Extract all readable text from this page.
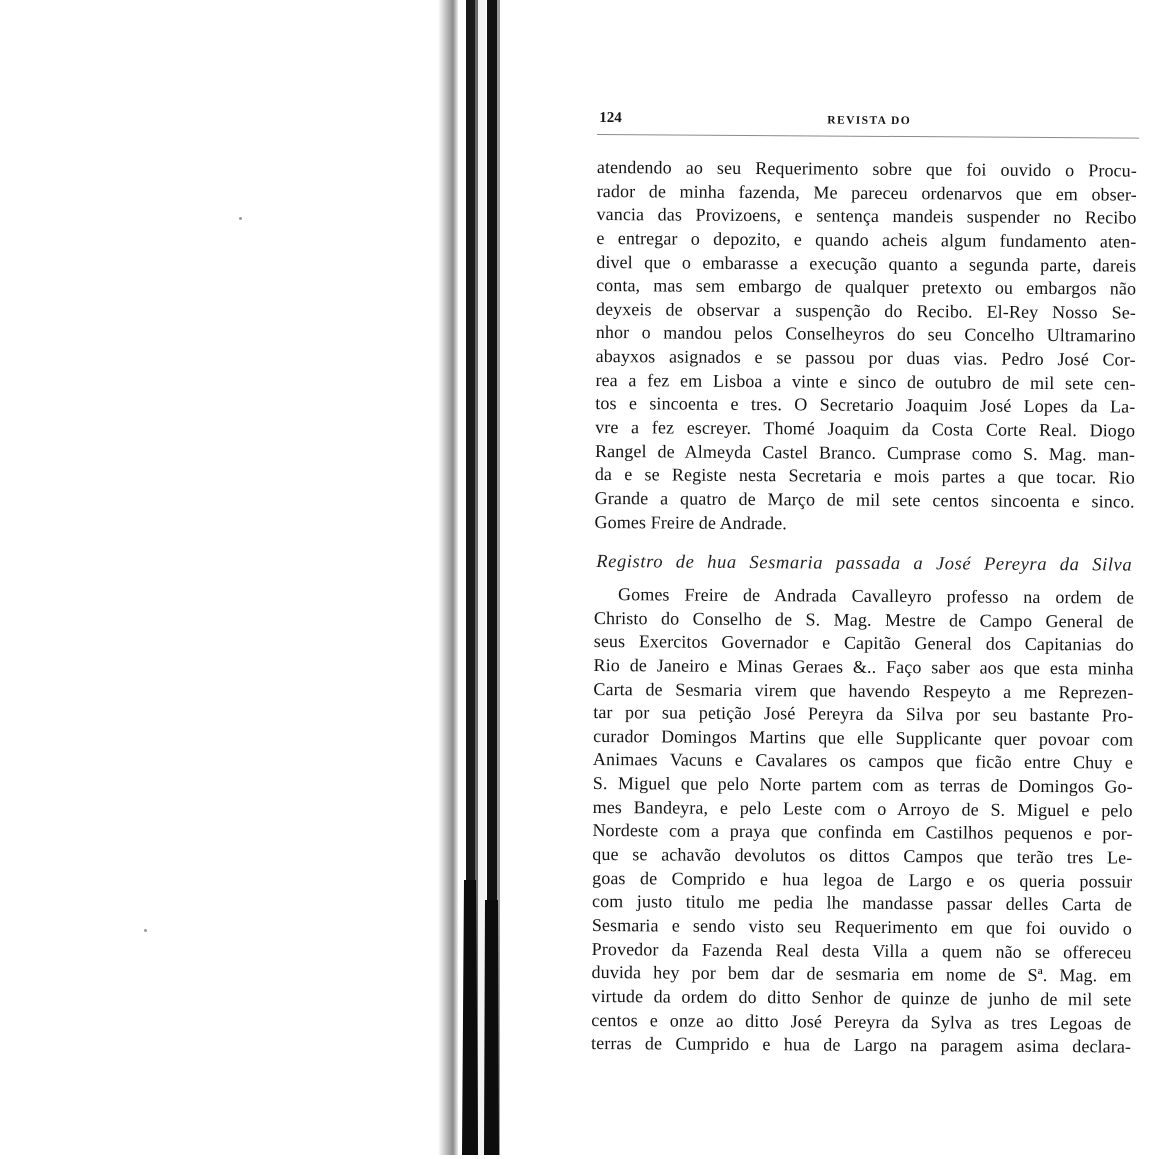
124	REVISTA DO
atendendo ao seu Requerimento sobre que foi ouvido o Procu-
rador de minha fazenda, Me pareceu ordenarvos que em obser-
vancia das Provizoens, e sentença mandeis suspender no Recibo
e entregar o depozito, e quando acheis algum fundamento aten-
divel que o embarasse a execução quanto a segunda parte, dareis
conta, mas sem embargo de qualquer pretexto ou embargos não
deyxeis de observar a suspenção do Recibo. El-Rey Nosso Se-
nhor o mandou pelos Conselheyros do seu Concelho Ultramarino
abayxos asignados e se passou por duas vias. Pedro José Cor-
rea a fez em Lisboa a vinte e sinco de outubro de mil sete cen-
tos e sincoenta e tres. O Secretario Joaquim José Lopes da La-
vre a fez escreyer. Thomé Joaquim da Costa Corte Real. Diogo
Rangel de Almeyda Castel Branco. Cumprase como S. Mag. man-
da e se Registe nesta Secretaria e mois partes a que tocar. Rio
Grande a quatro de Março de mil sete centos sincoenta e sinco.
Gomes Freire de Andrade.
Registro de hua Sesmaria passada a José Pereyra da Silva
Gomes Freire de Andrada Cavalleyro professo na ordem de
Christo do Conselho de S. Mag. Mestre de Campo General de
seus Exercitos Governador e Capitão General dos Capitanias do
Rio de Janeiro e Minas Geraes &.. Faço saber aos que esta minha
Carta de Sesmaria virem que havendo Respeyto a me Reprezen-
tar por sua petição José Pereyra da Silva por seu bastante Pro-
curador Domingos Martins que elle Supplicante quer povoar com
Animaes Vacuns e Cavalares os campos que ficão entre Chuy e
S. Miguel que pelo Norte partem com as terras de Domingos Go-
mes Bandeyra, e pelo Leste com o Arroyo de S. Miguel e pelo
Nordeste com a praya que confinda em Castilhos pequenos e por-
que se achavão devolutos os dittos Campos que terão tres Le-
goas de Comprido e hua legoa de Largo e os queria possuir
com justo titulo me pedia lhe mandasse passar delles Carta de
Sesmaria e sendo visto seu Requerimento em que foi ouvido o
Provedor da Fazenda Real desta Villa a quem não se offereceu
duvida hey por bem dar de sesmaria em nome de Sª. Mag. em
virtude da ordem do ditto Senhor de quinze de junho de mil sete
centos e onze ao ditto José Pereyra da Sylva as tres Legoas de
terras de Cumprido e hua de Largo na paragem asima declara-
